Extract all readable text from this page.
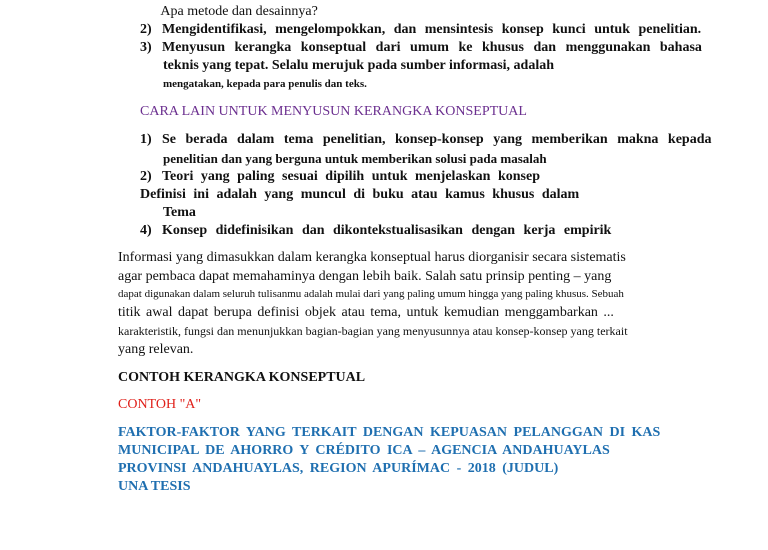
Apa metode dan desainnya?
2) Mengidentifikasi, mengelompokkan, dan mensintesis konsep kunci untuk penelitian.
3) Menyusun kerangka konseptual dari umum ke khusus dan menggunakan bahasa
teknis yang tepat. Selalu merujuk pada sumber informasi, adalah
mengatakan, kepada para penulis dan teks.
CARA LAIN UNTUK MENYUSUN KERANGKA KONSEPTUAL
1) Se berada dalam tema penelitian, konsep-konsep yang memberikan makna kepada
penelitian dan yang berguna untuk memberikan solusi pada masalah
2) Teori yang paling sesuai dipilih untuk menjelaskan konsep
Definisi ini adalah yang muncul di buku atau kamus khusus dalam
Tema
4) Konsep didefinisikan dan dikontekstualisasikan dengan kerja empirik
Informasi yang dimasukkan dalam kerangka konseptual harus diorganisir secara sistematis
agar pembaca dapat memahaminya dengan lebih baik. Salah satu prinsip penting – yang
dapat digunakan dalam seluruh tulisanmu adalah mulai dari yang paling umum hingga yang paling khusus. Sebuah
titik awal dapat berupa definisi objek atau tema, untuk kemudian menggambarkan ...
karakteristik, fungsi dan menunjukkan bagian-bagian yang menyusunnya atau konsep-konsep yang terkait
yang relevan.
CONTOH KERANGKA KONSEPTUAL
CONTOH "A"
FAKTOR-FAKTOR YANG TERKAIT DENGAN KEPUASAN PELANGGAN DI KAS
MUNICIPAL DE AHORRO Y CRÉDITO ICA – AGENCIA ANDAHUAYLAS
PROVINSI ANDAHUAYLAS, REGION APURÍMAC - 2018 (JUDUL)
UNA TESIS
